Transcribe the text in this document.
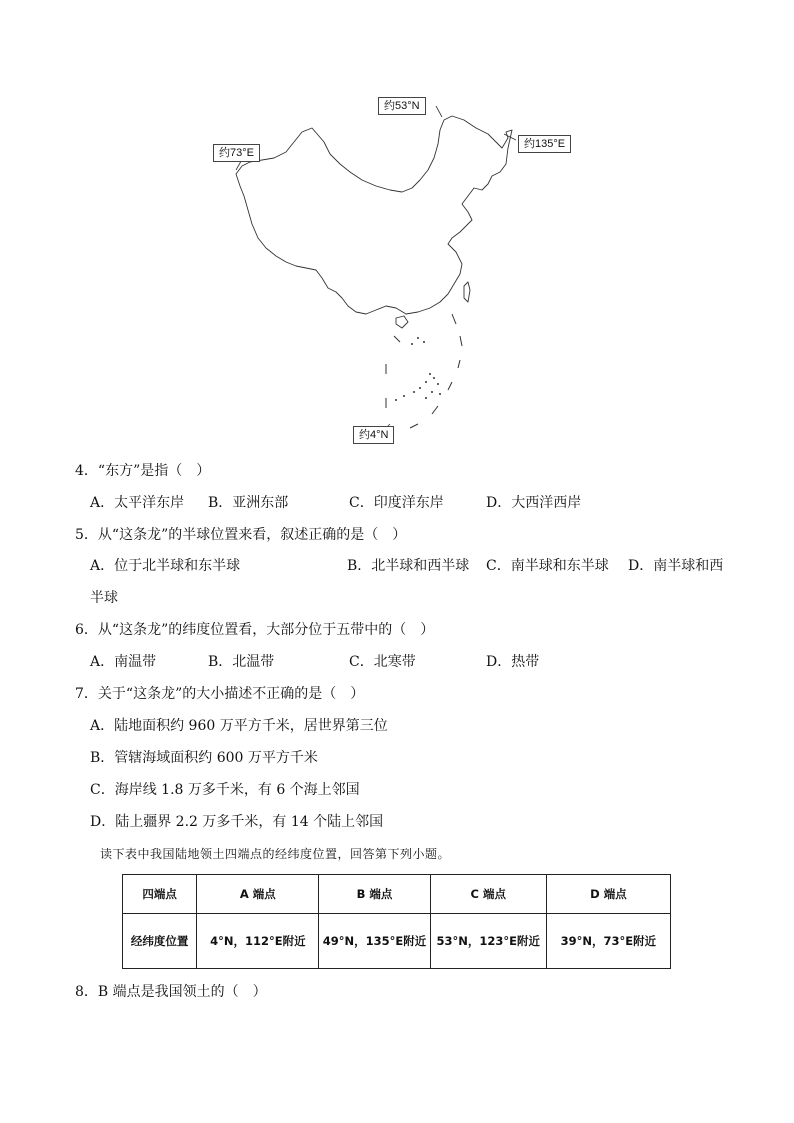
约53°N
约73°E
约135°E
约4°N
4．“东方”是指（　）
A．太平洋东岸 B．亚洲东部	C．印度洋东岸	D．大西洋西岸
5．从“这条龙”的半球位置来看，叙述正确的是（　）
A．位于北半球和东半球	B．北半球和西半球 C．南半球和东半球 D．南半球和西
半球
6．从“这条龙”的纬度位置看，大部分位于五带中的（　）
A．南温带	B．北温带	C．北寒带	D．热带
7．关于“这条龙”的大小描述不正确的是（　）
A．陆地面积约 960 万平方千米，居世界第三位
B．管辖海域面积约 600 万平方千米
C．海岸线 1.8 万多千米，有 6 个海上邻国
D．陆上疆界 2.2 万多千米，有 14 个陆上邻国
读下表中我国陆地领土四端点的经纬度位置，回答第下列小题。
四端点	A 端点	B 端点	C 端点	D 端点
经纬度位置	4°N，112°E附近	49°N，135°E附近	53°N，123°E附近	39°N，73°E附近
8．B 端点是我国领土的（　）
